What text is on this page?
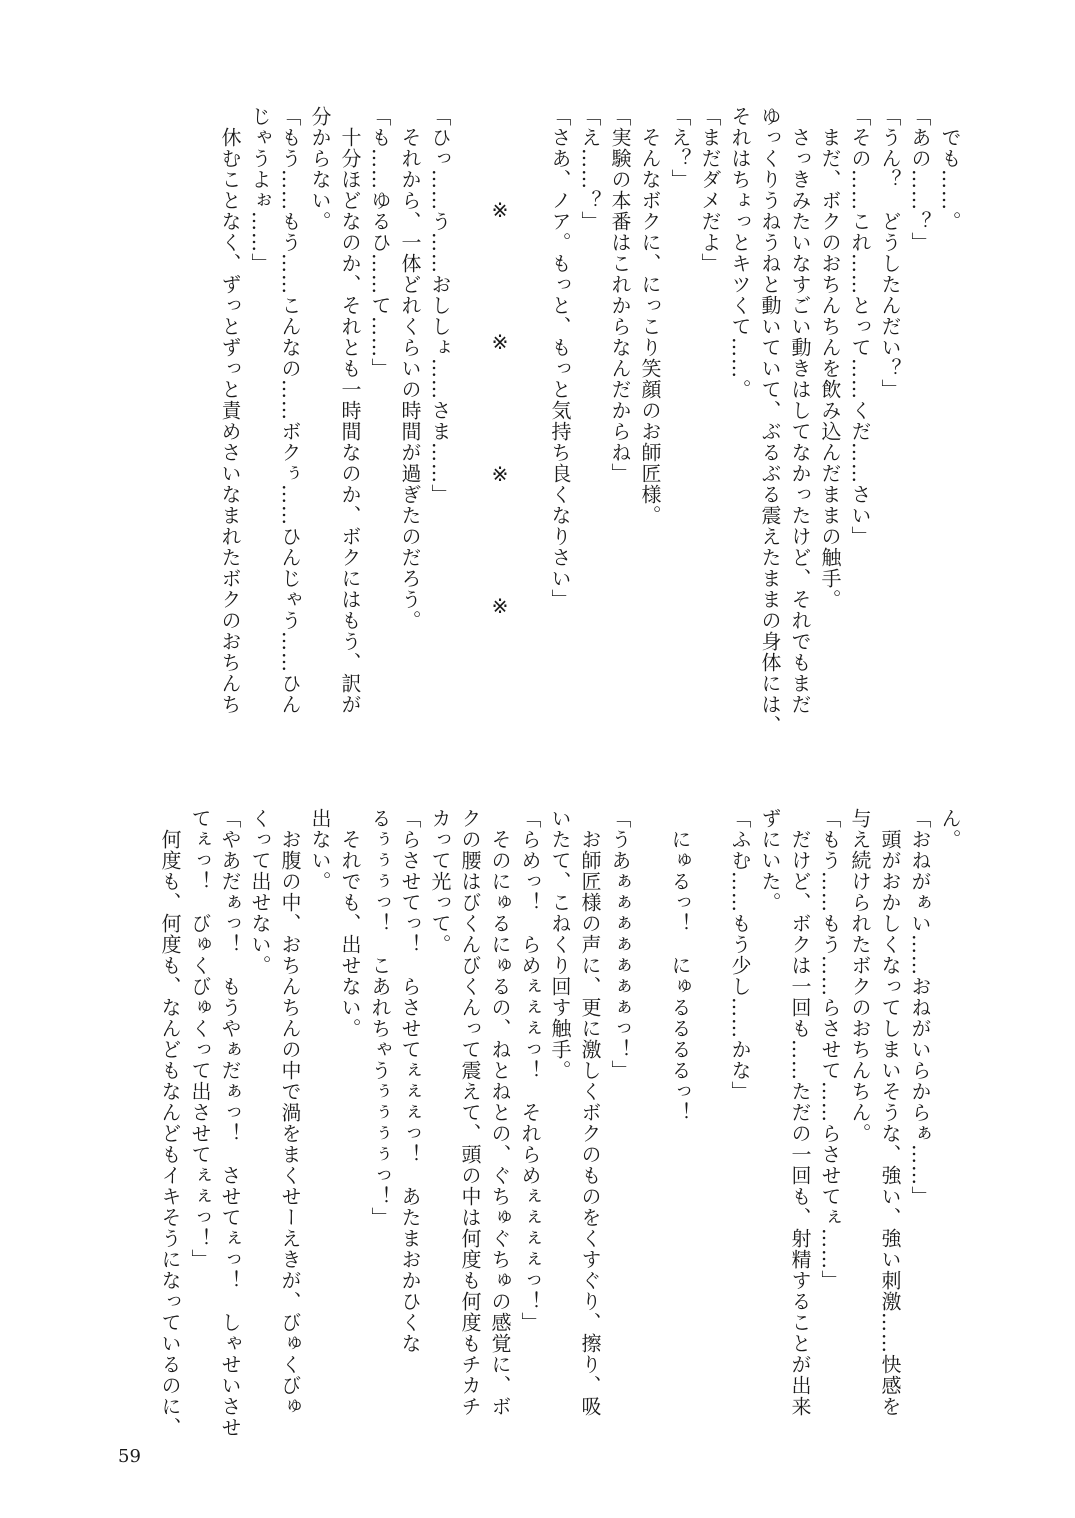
　でも……。
「あの……？」
「うん？　どうしたんだい？」
「その……これ……とって……くだ……さい」
　まだ、ボクのおちんちんを飲み込んだままの触手。
　さっきみたいなすごい動きはしてなかったけど、それでもまだ
ゆっくりうねうねと動いていて、ぶるぶる震えたままの身体には、
それはちょっとキツくて……。
「まだダメだよ」
「え？」
　そんなボクに、にっこり笑顔のお師匠様。
「実験の本番はこれからなんだからね」
「え……？」
「さあ、ノア。もっと、もっと気持ち良くなりさい」

※　※　※　※

「ひっ……う……おししょ……さま……」
　それから、一体どれくらいの時間が過ぎたのだろう。
「も……ゆるひ……て……」
　十分ほどなのか、それとも一時間なのか、ボクにはもう、訳が
分からない。
「もう……もう……こんなの……ボクぅ……ひんじゃう……ひん
じゃうよぉ……」
　休むことなく、ずっとずっと責めさいなまれたボクのおちんち
ん。
「おねがぁい……おねがいらからぁ……」
　頭がおかしくなってしまいそうな、強い、強い刺激……快感を
与え続けられたボクのおちんちん。
「もう……もう……らさせて……らさせてぇ……」
　だけど、ボクは一回も……ただの一回も、射精することが出来
ずにいた。
「ふむ……もう少し……かな」

　にゅるっ！　にゅるるるるっ！

「うあぁぁぁぁぁぁぁっ！」
　お師匠様の声に、更に激しくボクのものをくすぐり、擦り、吸
いたて、こねくり回す触手。
「らめっ！　らめぇぇぇっ！　それらめぇぇぇぇっ！」
　そのにゅるにゅるの、ねとねとの、ぐちゅぐちゅの感覚に、ボ
クの腰はびくんびくんって震えて、頭の中は何度も何度もチカチ
カって光って。
「らさせてっ！　らさせてぇぇぇっ！　あたまおかひくな
るぅぅぅっ！　こあれちゃうぅぅぅぅっ！」
　それでも、出せない。
出ない。
　お腹の中、おちんちんの中で渦をまくせーえきが、びゅくびゅ
くって出せない。
「やあだぁっ！　もうやぁだぁっ！　させてぇっ！　しゃせいさせ
てぇっ！　びゅくびゅくって出させてぇぇっ！」
　何度も、何度も、なんどもなんどもイキそうになっているのに、
59
